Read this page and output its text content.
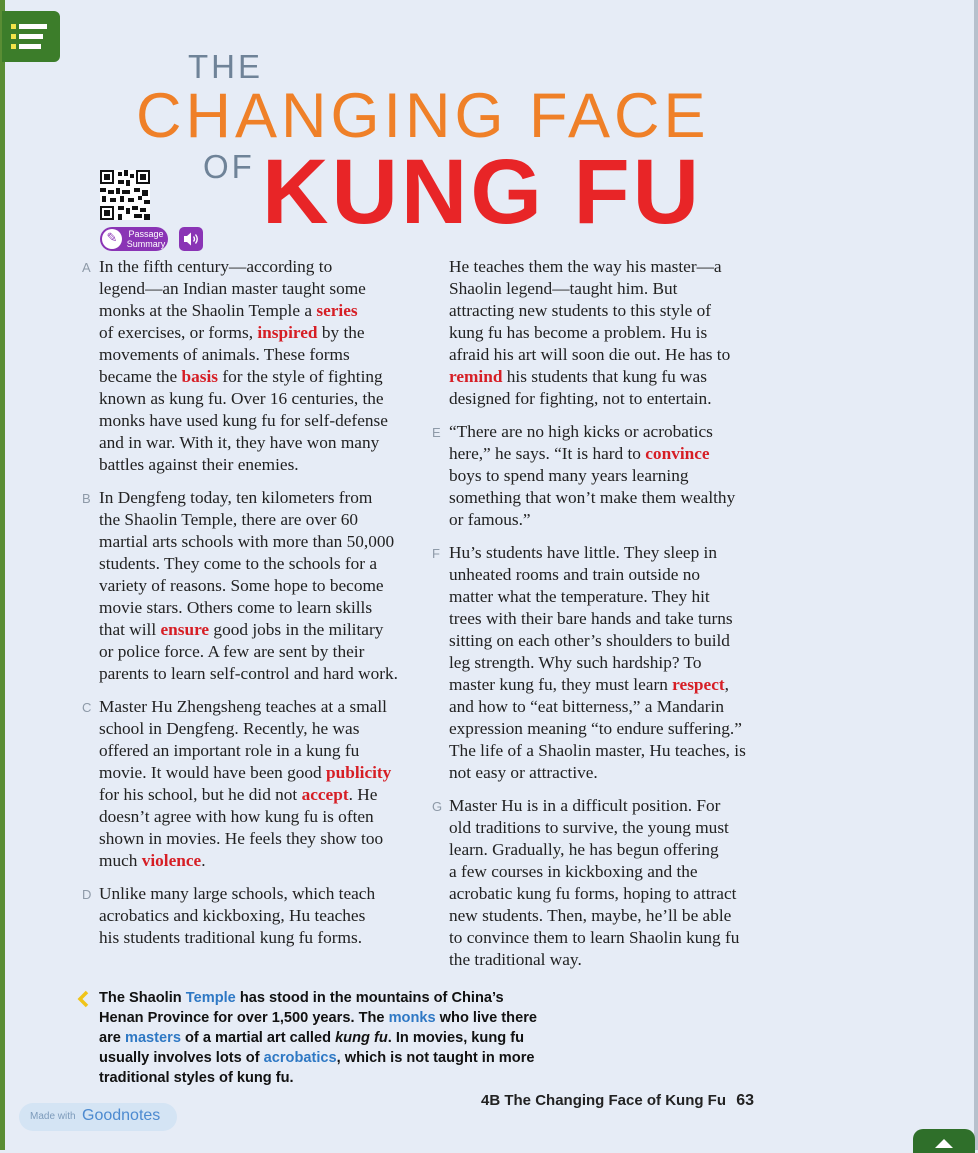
THE
CHANGING FACE
OF KUNG FU
✎	Passage Summary
A In the fifth century—according to
legend—an Indian master taught some
monks at the Shaolin Temple a series
of exercises, or forms, inspired by the
movements of animals. These forms
became the basis for the style of fighting
known as kung fu. Over 16 centuries, the
monks have used kung fu for self-defense
and in war. With it, they have won many
battles against their enemies.
B In Dengfeng today, ten kilometers from
the Shaolin Temple, there are over 60
martial arts schools with more than 50,000
students. They come to the schools for a
variety of reasons. Some hope to become
movie stars. Others come to learn skills
that will ensure good jobs in the military
or police force. A few are sent by their
parents to learn self-control and hard work.
C Master Hu Zhengsheng teaches at a small
school in Dengfeng. Recently, he was
offered an important role in a kung fu
movie. It would have been good publicity
for his school, but he did not accept. He
doesn’t agree with how kung fu is often
shown in movies. He feels they show too
much violence.
D Unlike many large schools, which teach
acrobatics and kickboxing, Hu teaches
his students traditional kung fu forms.
He teaches them the way his master—a
Shaolin legend—taught him. But
attracting new students to this style of
kung fu has become a problem. Hu is
afraid his art will soon die out. He has to
remind his students that kung fu was
designed for fighting, not to entertain.
E “There are no high kicks or acrobatics
here,” he says. “It is hard to convince
boys to spend many years learning
something that won’t make them wealthy
or famous.”
F Hu’s students have little. They sleep in
unheated rooms and train outside no
matter what the temperature. They hit
trees with their bare hands and take turns
sitting on each other’s shoulders to build
leg strength. Why such hardship? To
master kung fu, they must learn respect,
and how to “eat bitterness,” a Mandarin
expression meaning “to endure suffering.”
The life of a Shaolin master, Hu teaches, is
not easy or attractive.
G Master Hu is in a difficult position. For
old traditions to survive, the young must
learn. Gradually, he has begun offering
a few courses in kickboxing and the
acrobatic kung fu forms, hoping to attract
new students. Then, maybe, he’ll be able
to convince them to learn Shaolin kung fu
the traditional way.
The Shaolin Temple has stood in the mountains of China’s
Henan Province for over 1,500 years. The monks who live there
are masters of a martial art called kung fu. In movies, kung fu
usually involves lots of acrobatics, which is not taught in more
traditional styles of kung fu.
4B The Changing Face of Kung Fu 63
Made with Goodnotes
